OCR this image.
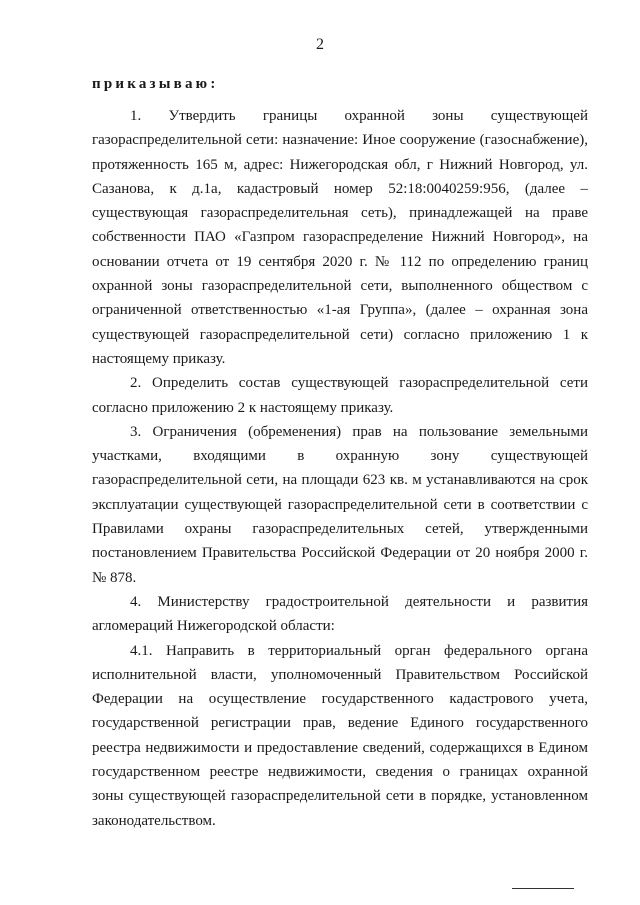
2
приказываю:

1. Утвердить границы охранной зоны существующей газораспределительной сети: назначение: Иное сооружение (газоснабжение), протяженность 165 м, адрес: Нижегородская обл, г Нижний Новгород, ул. Сазанова, к д.1а, кадастровый номер 52:18:0040259:956, (далее – существующая газораспределительная сеть), принадлежащей на праве собственности ПАО «Газпром газораспределение Нижний Новгород», на основании отчета от 19 сентября 2020 г. № 112 по определению границ охранной зоны газораспределительной сети, выполненного обществом с ограниченной ответственностью «1-ая Группа», (далее – охранная зона существующей газораспределительной сети) согласно приложению 1 к настоящему приказу.

2. Определить состав существующей газораспределительной сети согласно приложению 2 к настоящему приказу.

3. Ограничения (обременения) прав на пользование земельными участками, входящими в охранную зону существующей газораспределительной сети, на площади 623 кв. м устанавливаются на срок эксплуатации существующей газораспределительной сети в соответствии с Правилами охраны газораспределительных сетей, утвержденными постановлением Правительства Российской Федерации от 20 ноября 2000 г. № 878.

4. Министерству градостроительной деятельности и развития агломераций Нижегородской области:

4.1. Направить в территориальный орган федерального органа исполнительной власти, уполномоченный Правительством Российской Федерации на осуществление государственного кадастрового учета, государственной регистрации прав, ведение Единого государственного реестра недвижимости и предоставление сведений, содержащихся в Едином государственном реестре недвижимости, сведения о границах охранной зоны существующей газораспределительной сети в порядке, установленном законодательством.
